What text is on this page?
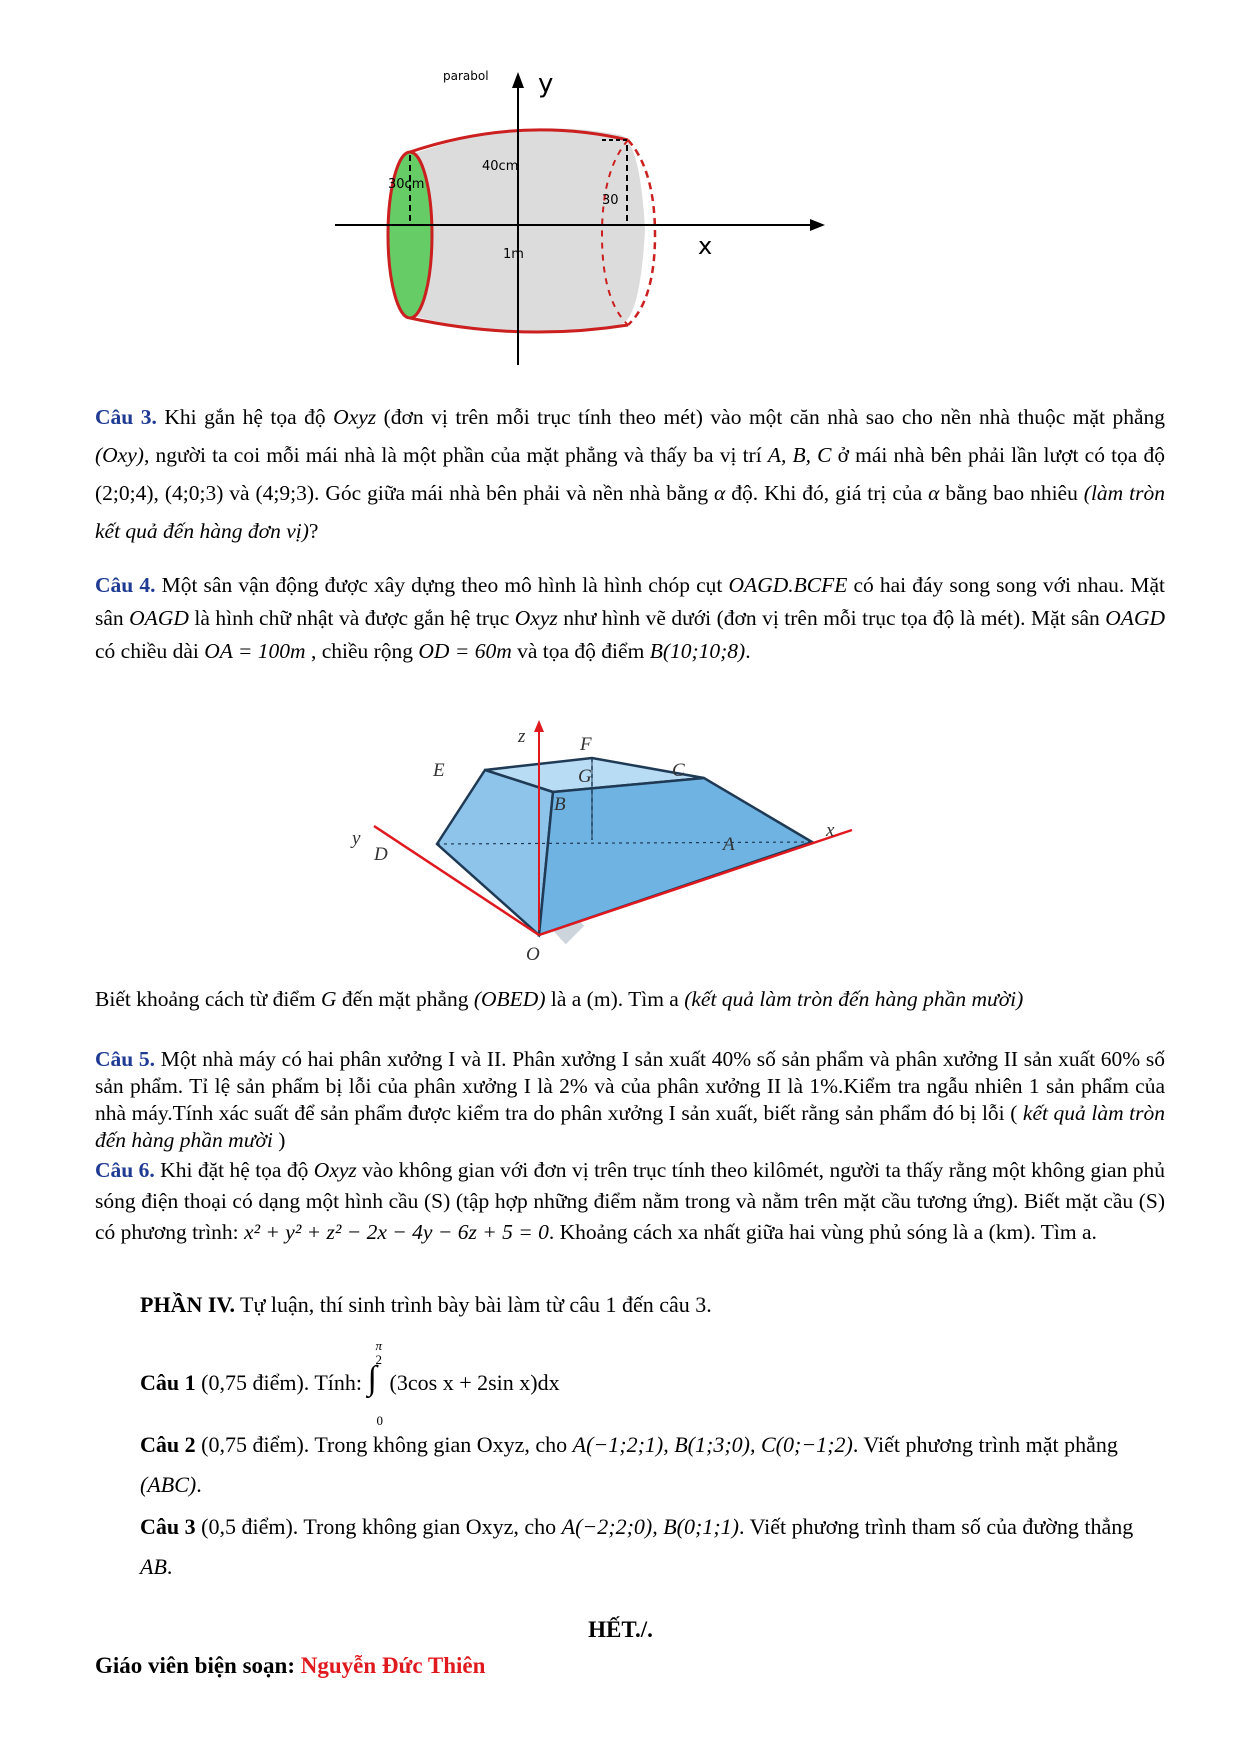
parabol y
x
30cm
40cm
30
1m
Câu 3. Khi gắn hệ tọa độ Oxyz (đơn vị trên mỗi trục tính theo mét) vào một căn nhà sao cho nền nhà thuộc mặt phẳng (Oxy), người ta coi mỗi mái nhà là một phần của mặt phẳng và thấy ba vị trí A, B, C ở mái nhà bên phải lần lượt có tọa độ (2;0;4), (4;0;3) và (4;9;3). Góc giữa mái nhà bên phải và nền nhà bằng α độ. Khi đó, giá trị của α bằng bao nhiêu (làm tròn kết quả đến hàng đơn vị)?
Câu 4. Một sân vận động được xây dựng theo mô hình là hình chóp cụt OAGD.BCFE có hai đáy song song với nhau. Mặt sân OAGD là hình chữ nhật và được gắn hệ trục Oxyz như hình vẽ dưới (đơn vị trên mỗi trục tọa độ là mét). Mặt sân OAGD có chiều dài OA = 100m , chiều rộng OD = 60m và tọa độ điểm B(10;10;8).
z
y	x
E
F
C
G
B
D	A
O
Biết khoảng cách từ điểm G đến mặt phẳng (OBED) là a (m). Tìm a (kết quả làm tròn đến hàng phần mười)
Câu 5. Một nhà máy có hai phân xưởng I và II. Phân xưởng I sản xuất 40% số sản phẩm và phân xưởng II sản xuất 60% số sản phẩm. Tỉ lệ sản phẩm bị lỗi của phân xưởng I là 2% và của phân xưởng II là 1%.Kiểm tra ngẫu nhiên 1 sản phẩm của nhà máy.Tính xác suất để sản phẩm được kiểm tra do phân xưởng I sản xuất, biết rằng sản phẩm đó bị lỗi ( kết quả làm tròn đến hàng phần mười )
Câu 6. Khi đặt hệ tọa độ Oxyz vào không gian với đơn vị trên trục tính theo kilômét, người ta thấy rằng một không gian phủ sóng điện thoại có dạng một hình cầu (S) (tập hợp những điểm nằm trong và nằm trên mặt cầu tương ứng). Biết mặt cầu (S) có phương trình: x² + y² + z² − 2x − 4y − 6z + 5 = 0. Khoảng cách xa nhất giữa hai vùng phủ sóng là a (km). Tìm a.
PHẦN IV. Tự luận, thí sinh trình bày bài làm từ câu 1 đến câu 3.
Câu 1 (0,75 điểm). Tính: ∫
π
2
0
(3cos x + 2sin x)dx
Câu 2 (0,75 điểm). Trong không gian Oxyz, cho A(−1;2;1), B(1;3;0), C(0;−1;2). Viết phương trình mặt phẳng (ABC).
Câu 3 (0,5 điểm). Trong không gian Oxyz, cho A(−2;2;0), B(0;1;1). Viết phương trình tham số của đường thẳng AB.
HẾT./.
Giáo viên biện soạn: Nguyễn Đức Thiên
